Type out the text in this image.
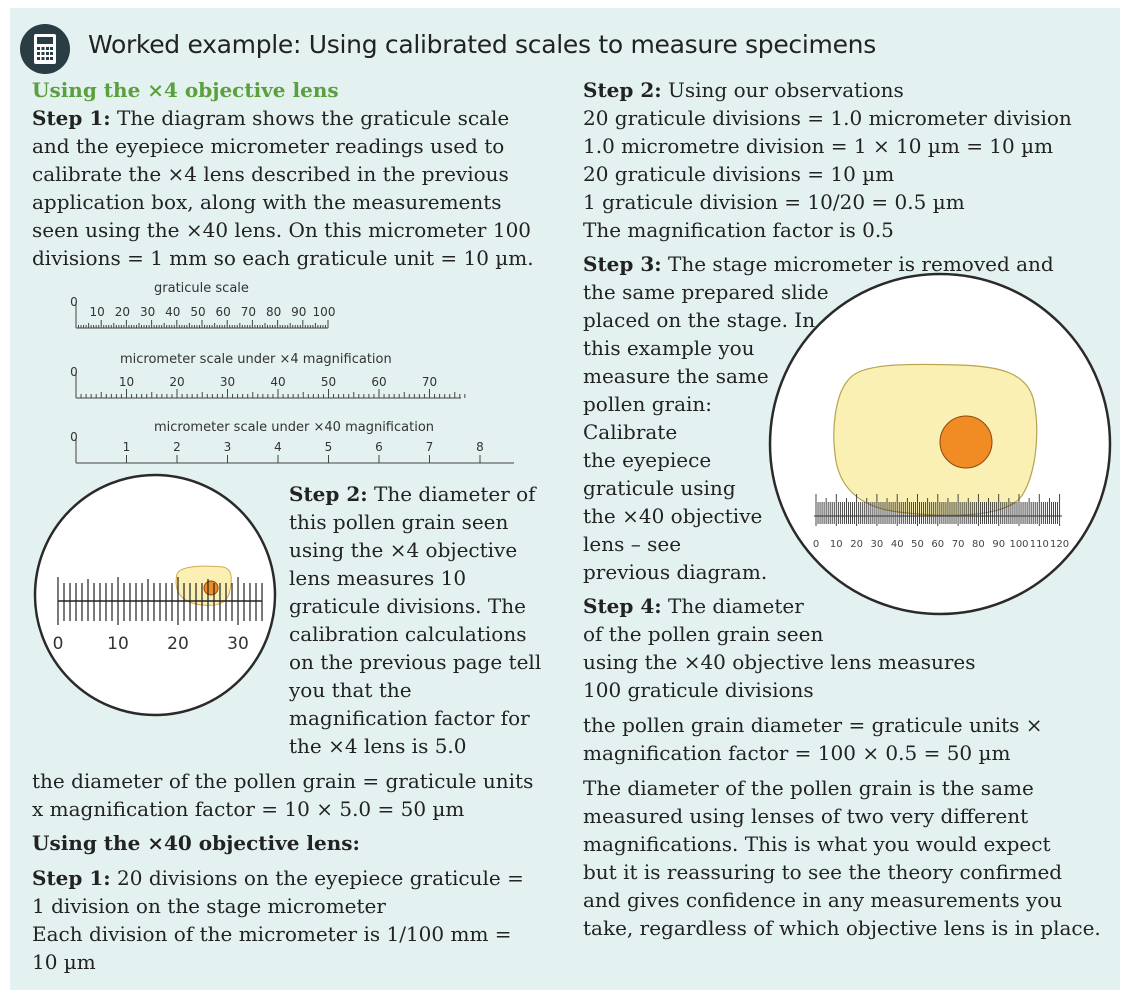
Worked example: Using calibrated scales to measure specimens
Using the ×4 objective lens
Step 1: The diagram shows the graticule scale
and the eyepiece micrometer readings used to
calibrate the ×4 lens described in the previous
application box, along with the measurements
seen using the ×40 lens. On this micrometer 100
divisions = 1 mm so each graticule unit = 10 µm.
graticule scale
micrometer scale under ×4 magnification
micrometer scale under ×40 magnification
0
10 20 30 40 50 60 70 80 90 100
0
10	20	30	40	50	60	70
0
1	2	3	4	5	6	7	8
0	10 20 30
Step 2: The diameter of
this pollen grain seen
using the ×4 objective
lens measures 10
graticule divisions. The
calibration calculations
on the previous page tell
you that the
magnification factor for
the ×4 lens is 5.0
the diameter of the pollen grain = graticule units
x magnification factor = 10 × 5.0 = 50 µm
Using the ×40 objective lens:
Step 1: 20 divisions on the eyepiece graticule =
1 division on the stage micrometer
Each division of the micrometer is 1/100 mm =
10 µm
Step 2: Using our observations
20 graticule divisions = 1.0 micrometer division
1.0 micrometre division = 1 × 10 µm = 10 µm
20 graticule divisions = 10 µm
1 graticule division = 10/20 = 0.5 µm
The magnification factor is 0.5
0 10 20 30 40 50 60 70 80 90 100 110 120
Step 3: The stage micrometer is removed and
the same prepared slide
placed on the stage. In
this example you
measure the same
pollen grain:
Calibrate
the eyepiece
graticule using
the ×40 objective
lens – see
previous diagram.
Step 4: The diameter
of the pollen grain seen
using the ×40 objective lens measures
100 graticule divisions
the pollen grain diameter = graticule units ×
magnification factor = 100 × 0.5 = 50 µm
The diameter of the pollen grain is the same
measured using lenses of two very different
magnifications. This is what you would expect
but it is reassuring to see the theory confirmed
and gives confidence in any measurements you
take, regardless of which objective lens is in place.
